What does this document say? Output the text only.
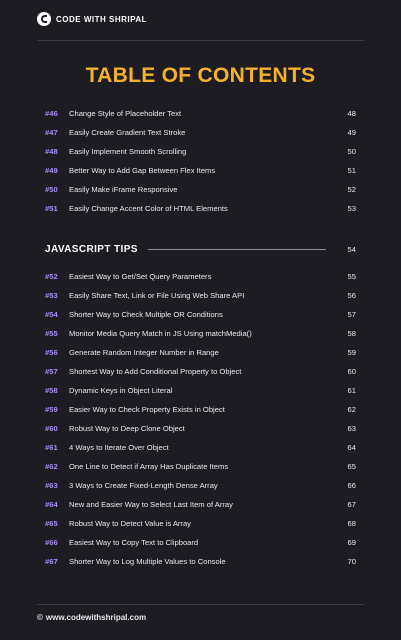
CODE WITH SHRIPAL
TABLE OF CONTENTS
#46	Change Style of Placeholder Text	48
#47	Easily Create Gradient Text Stroke	49
#48	Easily Implement Smooth Scrolling	50
#49	Better Way to Add Gap Between Flex Items	51
#50	Easily Make iFrame Responsive	52
#51	Easily Change Accent Color of HTML Elements	53
JAVASCRIPT TIPS	54
#52	Easiest Way to Get/Set Query Parameters	55
#53	Easily Share Text, Link or File Using Web Share API	56
#54	Shorter Way to Check Multiple OR Conditions	57
#55	Monitor Media Query Match in JS Using matchMedia()	58
#56	Generate Random Integer Number in Range	59
#57	Shortest Way to Add Conditional Property to Object	60
#58	Dynamic Keys in Object Literal	61
#59	Easier Way to Check Property Exists in Object	62
#60	Robust Way to Deep Clone Object	63
#61	4 Ways to Iterate Over Object	64
#62	One Line to Detect if Array Has Duplicate Items	65
#63	3 Ways to Create Fixed-Length Dense Array	66
#64	New and Easier Way to Select Last Item of Array	67
#65	Robust Way to Detect Value is Array	68
#66	Easiest Way to Copy Text to Clipboard	69
#67	Shorter Way to Log Multiple Values to Console	70
© www.codewithshripal.com
